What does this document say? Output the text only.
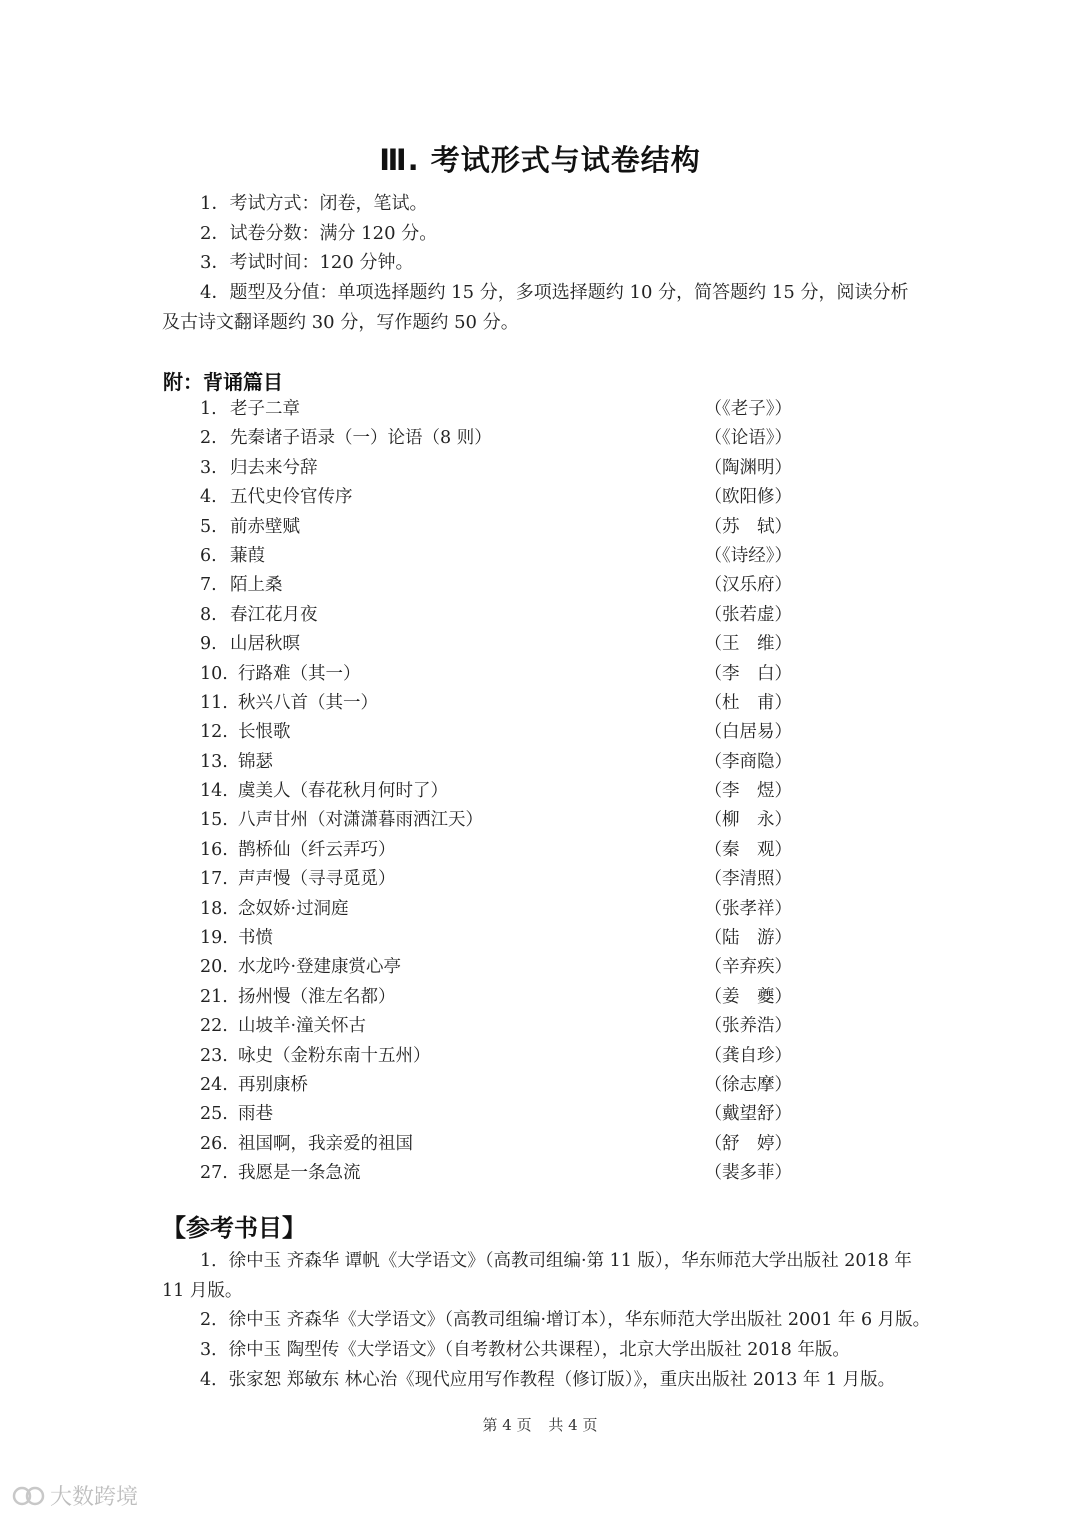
Ⅲ. 考试形式与试卷结构
1．考试方式：闭卷，笔试。
2．试卷分数：满分 120 分。
3．考试时间：120 分钟。
4．题型及分值：单项选择题约 15 分，多项选择题约 10 分，简答题约 15 分，阅读分析
及古诗文翻译题约 30 分，写作题约 50 分。
附：背诵篇目
1. 老子二章	（《老子》）
2. 先秦诸子语录（一）论语（8 则）	（《论语》）
3. 归去来兮辞	（陶渊明）
4. 五代史伶官传序	（欧阳修）
5. 前赤壁赋	（苏　轼）
6. 蒹葭	（《诗经》）
7. 陌上桑	（汉乐府）
8. 春江花月夜	（张若虚）
9. 山居秋暝	（王　维）
10. 行路难（其一）	（李　白）
11. 秋兴八首（其一）	（杜　甫）
12. 长恨歌	（白居易）
13. 锦瑟	（李商隐）
14. 虞美人（春花秋月何时了）	（李　煜）
15. 八声甘州（对潇潇暮雨洒江天）	（柳　永）
16. 鹊桥仙（纤云弄巧）	（秦　观）
17. 声声慢（寻寻觅觅）	（李清照）
18. 念奴娇·过洞庭	（张孝祥）
19. 书愤	（陆　游）
20. 水龙吟·登建康赏心亭	（辛弃疾）
21. 扬州慢（淮左名都）	（姜　夔）
22. 山坡羊·潼关怀古	（张养浩）
23. 咏史（金粉东南十五州）	（龚自珍）
24. 再别康桥	（徐志摩）
25. 雨巷	（戴望舒）
26. 祖国啊，我亲爱的祖国	（舒　婷）
27. 我愿是一条急流	（裴多菲）
【参考书目】
1．徐中玉 齐森华 谭帆《大学语文》（高教司组编·第 11 版），华东师范大学出版社 2018 年
11 月版。
2．徐中玉 齐森华《大学语文》（高教司组编·增订本），华东师范大学出版社 2001 年 6 月版。
3．徐中玉 陶型传《大学语文》（自考教材公共课程），北京大学出版社 2018 年版。
4．张家恕 郑敏东 林心治《现代应用写作教程（修订版）》，重庆出版社 2013 年 1 月版。
第 4 页 共 4 页
大数跨境
